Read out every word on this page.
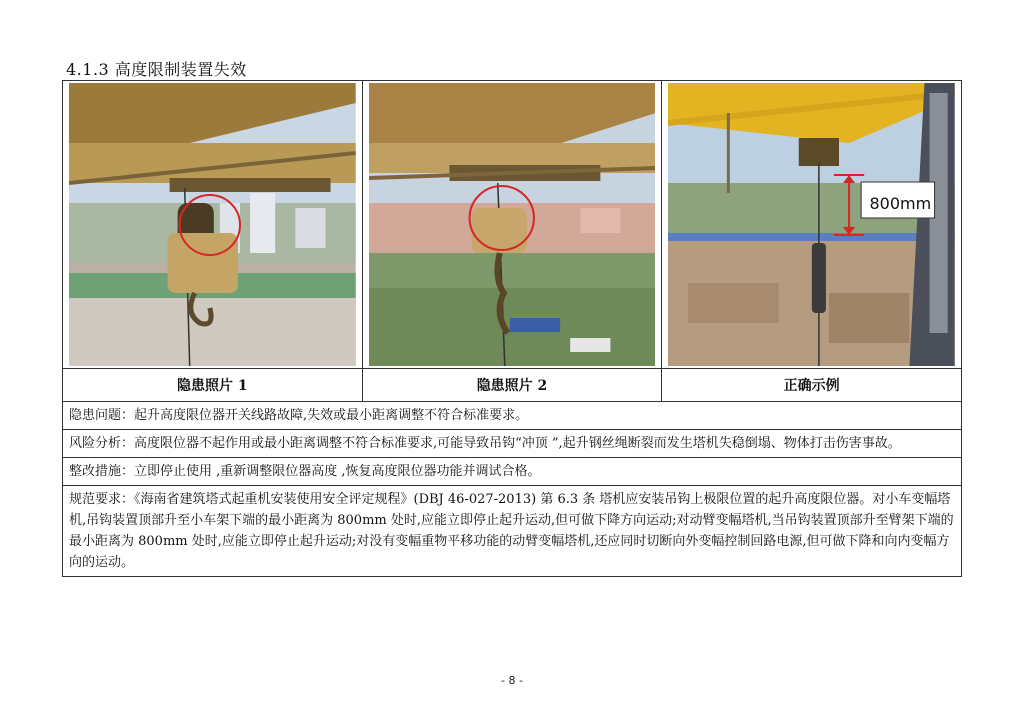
4.1.3 高度限制装置失效
800mm
隐患照片 1	隐患照片 2	正确示例
隐患问题：起升高度限位器开关线路故障,失效或最小距离调整不符合标准要求。
风险分析：高度限位器不起作用或最小距离调整不符合标准要求,可能导致吊钩“冲顶 ”,起升钢丝绳断裂而发生塔机失稳倒塌、物体打击伤害事故。
整改措施：立即停止使用 ,重新调整限位器高度 ,恢复高度限位器功能并调试合格。
规范要求：《海南省建筑塔式起重机安装使用安全评定规程》(DBJ 46-027-2013) 第 6.3 条 塔机应安装吊钩上极限位置的起升高度限位器。对小车变幅塔机,吊钩装置顶部升至小车架下端的最小距离为 800mm 处时,应能立即停止起升运动,但可做下降方向运动;对动臂变幅塔机,当吊钩装置顶部升至臂架下端的最小距离为 800mm 处时,应能立即停止起升运动;对没有变幅重物平移功能的动臂变幅塔机,还应同时切断向外变幅控制回路电源,但可做下降和向内变幅方向的运动。
- 8 -
